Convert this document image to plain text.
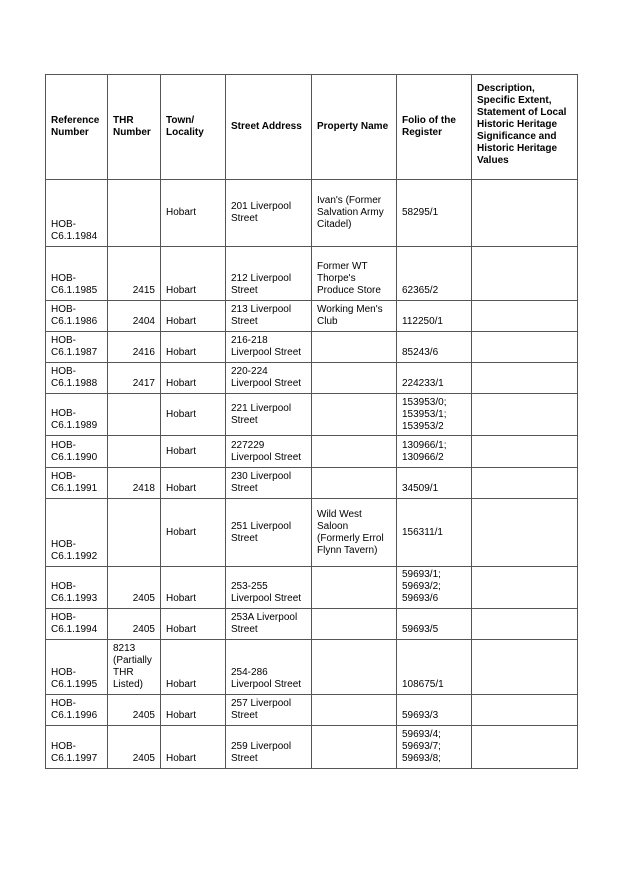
Reference Number	THR Number	Town/ Locality	Street Address	Property Name	Folio of the Register	Description, Specific Extent, Statement of Local Historic Heritage Significance and Historic Heritage Values
HOB-
C6.1.1984		Hobart	201 Liverpool Street	Ivan's (Former Salvation Army Citadel)	58295/1	
HOB-
C6.1.1985	2415	Hobart	212 Liverpool Street	Former WT Thorpe's Produce Store	62365/2	
HOB-
C6.1.1986	2404	Hobart	213 Liverpool Street	Working Men's Club	112250/1	
HOB-
C6.1.1987	2416	Hobart	216-218 Liverpool Street		85243/6	
HOB-
C6.1.1988	2417	Hobart	220-224 Liverpool Street		224233/1	
HOB-
C6.1.1989		Hobart	221 Liverpool Street		153953/0;
153953/1;
153953/2	
HOB-
C6.1.1990		Hobart	227229 Liverpool Street		130966/1;
130966/2	
HOB-
C6.1.1991	2418	Hobart	230 Liverpool Street		34509/1	
HOB-
C6.1.1992		Hobart	251 Liverpool Street	Wild West Saloon (Formerly Errol Flynn Tavern)	156311/1	
HOB-
C6.1.1993	2405	Hobart	253-255 Liverpool Street		59693/1;
59693/2;
59693/6	
HOB-
C6.1.1994	2405	Hobart	253A Liverpool Street		59693/5	
HOB-
C6.1.1995	8213
(Partially
THR
Listed)	Hobart	254-286 Liverpool Street		108675/1	
HOB-
C6.1.1996	2405	Hobart	257 Liverpool Street		59693/3	
HOB-
C6.1.1997	2405	Hobart	259 Liverpool Street		59693/4;
59693/7;
59693/8;	
